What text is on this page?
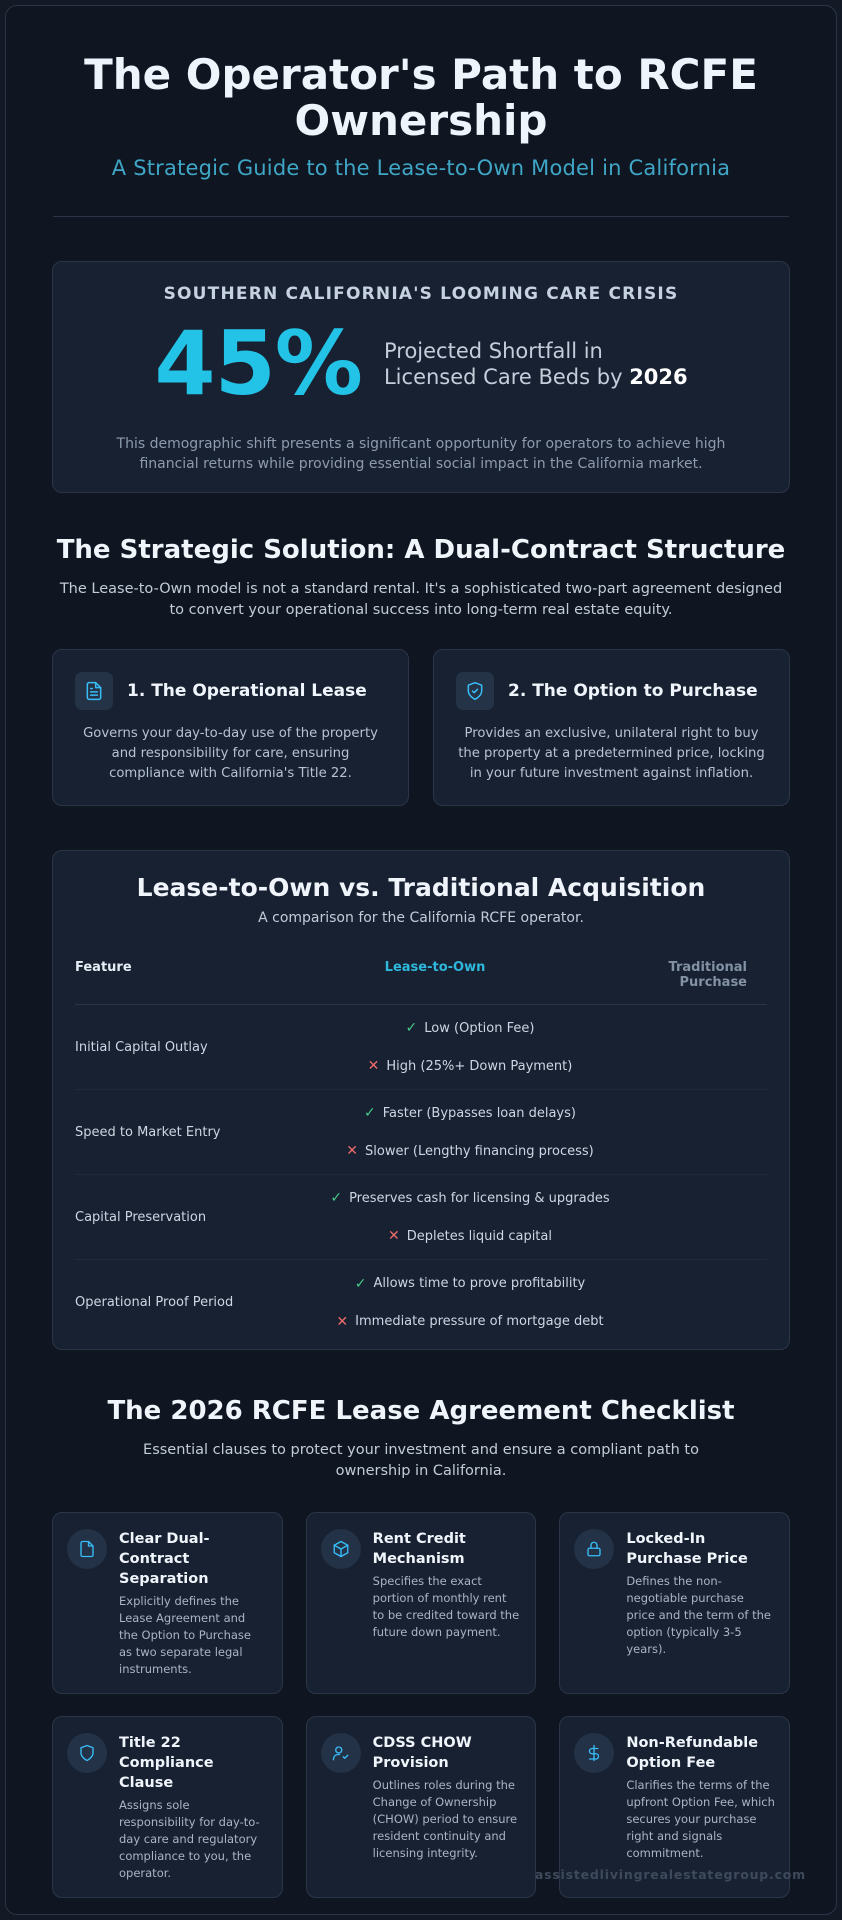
The Operator's Path to RCFE Ownership
A Strategic Guide to the Lease-to-Own Model in California
SOUTHERN CALIFORNIA'S LOOMING CARE CRISIS
45% Projected Shortfall in
Licensed Care Beds by 2026
This demographic shift presents a significant opportunity for operators to achieve high financial returns while providing essential social impact in the California market.
The Strategic Solution: A Dual-Contract Structure

The Lease-to-Own model is not a standard rental. It's a sophisticated two-part agreement designed to convert your operational success into long-term real estate equity.

1. The Operational Lease
Governs your day-to-day use of the property and responsibility for care, ensuring compliance with California's Title 22.
2. The Option to Purchase
Provides an exclusive, unilateral right to buy the property at a predetermined price, locking in your future investment against inflation.
Lease-to-Own vs. Traditional Acquisition
A comparison for the California RCFE operator.
Feature	Lease-to-Own	Traditional Purchase
Initial Capital Outlay
✓ Low (Option Fee)
✕ High (25%+ Down Payment)
Speed to Market Entry
✓ Faster (Bypasses loan delays)
✕ Slower (Lengthy financing process)
Capital Preservation
✓ Preserves cash for licensing & upgrades
✕ Depletes liquid capital
Operational Proof Period
✓ Allows time to prove profitability
✕ Immediate pressure of mortgage debt
The 2026 RCFE Lease Agreement Checklist

Essential clauses to protect your investment and ensure a compliant path to ownership in California.

Clear Dual-Contract Separation
Explicitly defines the Lease Agreement and the Option to Purchase as two separate legal instruments.
Rent Credit Mechanism
Specifies the exact portion of monthly rent to be credited toward the future down payment.
Locked-In Purchase Price
Defines the non-negotiable purchase price and the term of the option (typically 3-5 years).
Title 22 Compliance Clause
Assigns sole responsibility for day-to-day care and regulatory compliance to you, the operator.
CDSS CHOW Provision
Outlines roles during the Change of Ownership (CHOW) period to ensure resident continuity and licensing integrity.
Non-Refundable Option Fee
Clarifies the terms of the upfront Option Fee, which secures your purchase right and signals commitment.
assistedlivingrealestategroup.com
